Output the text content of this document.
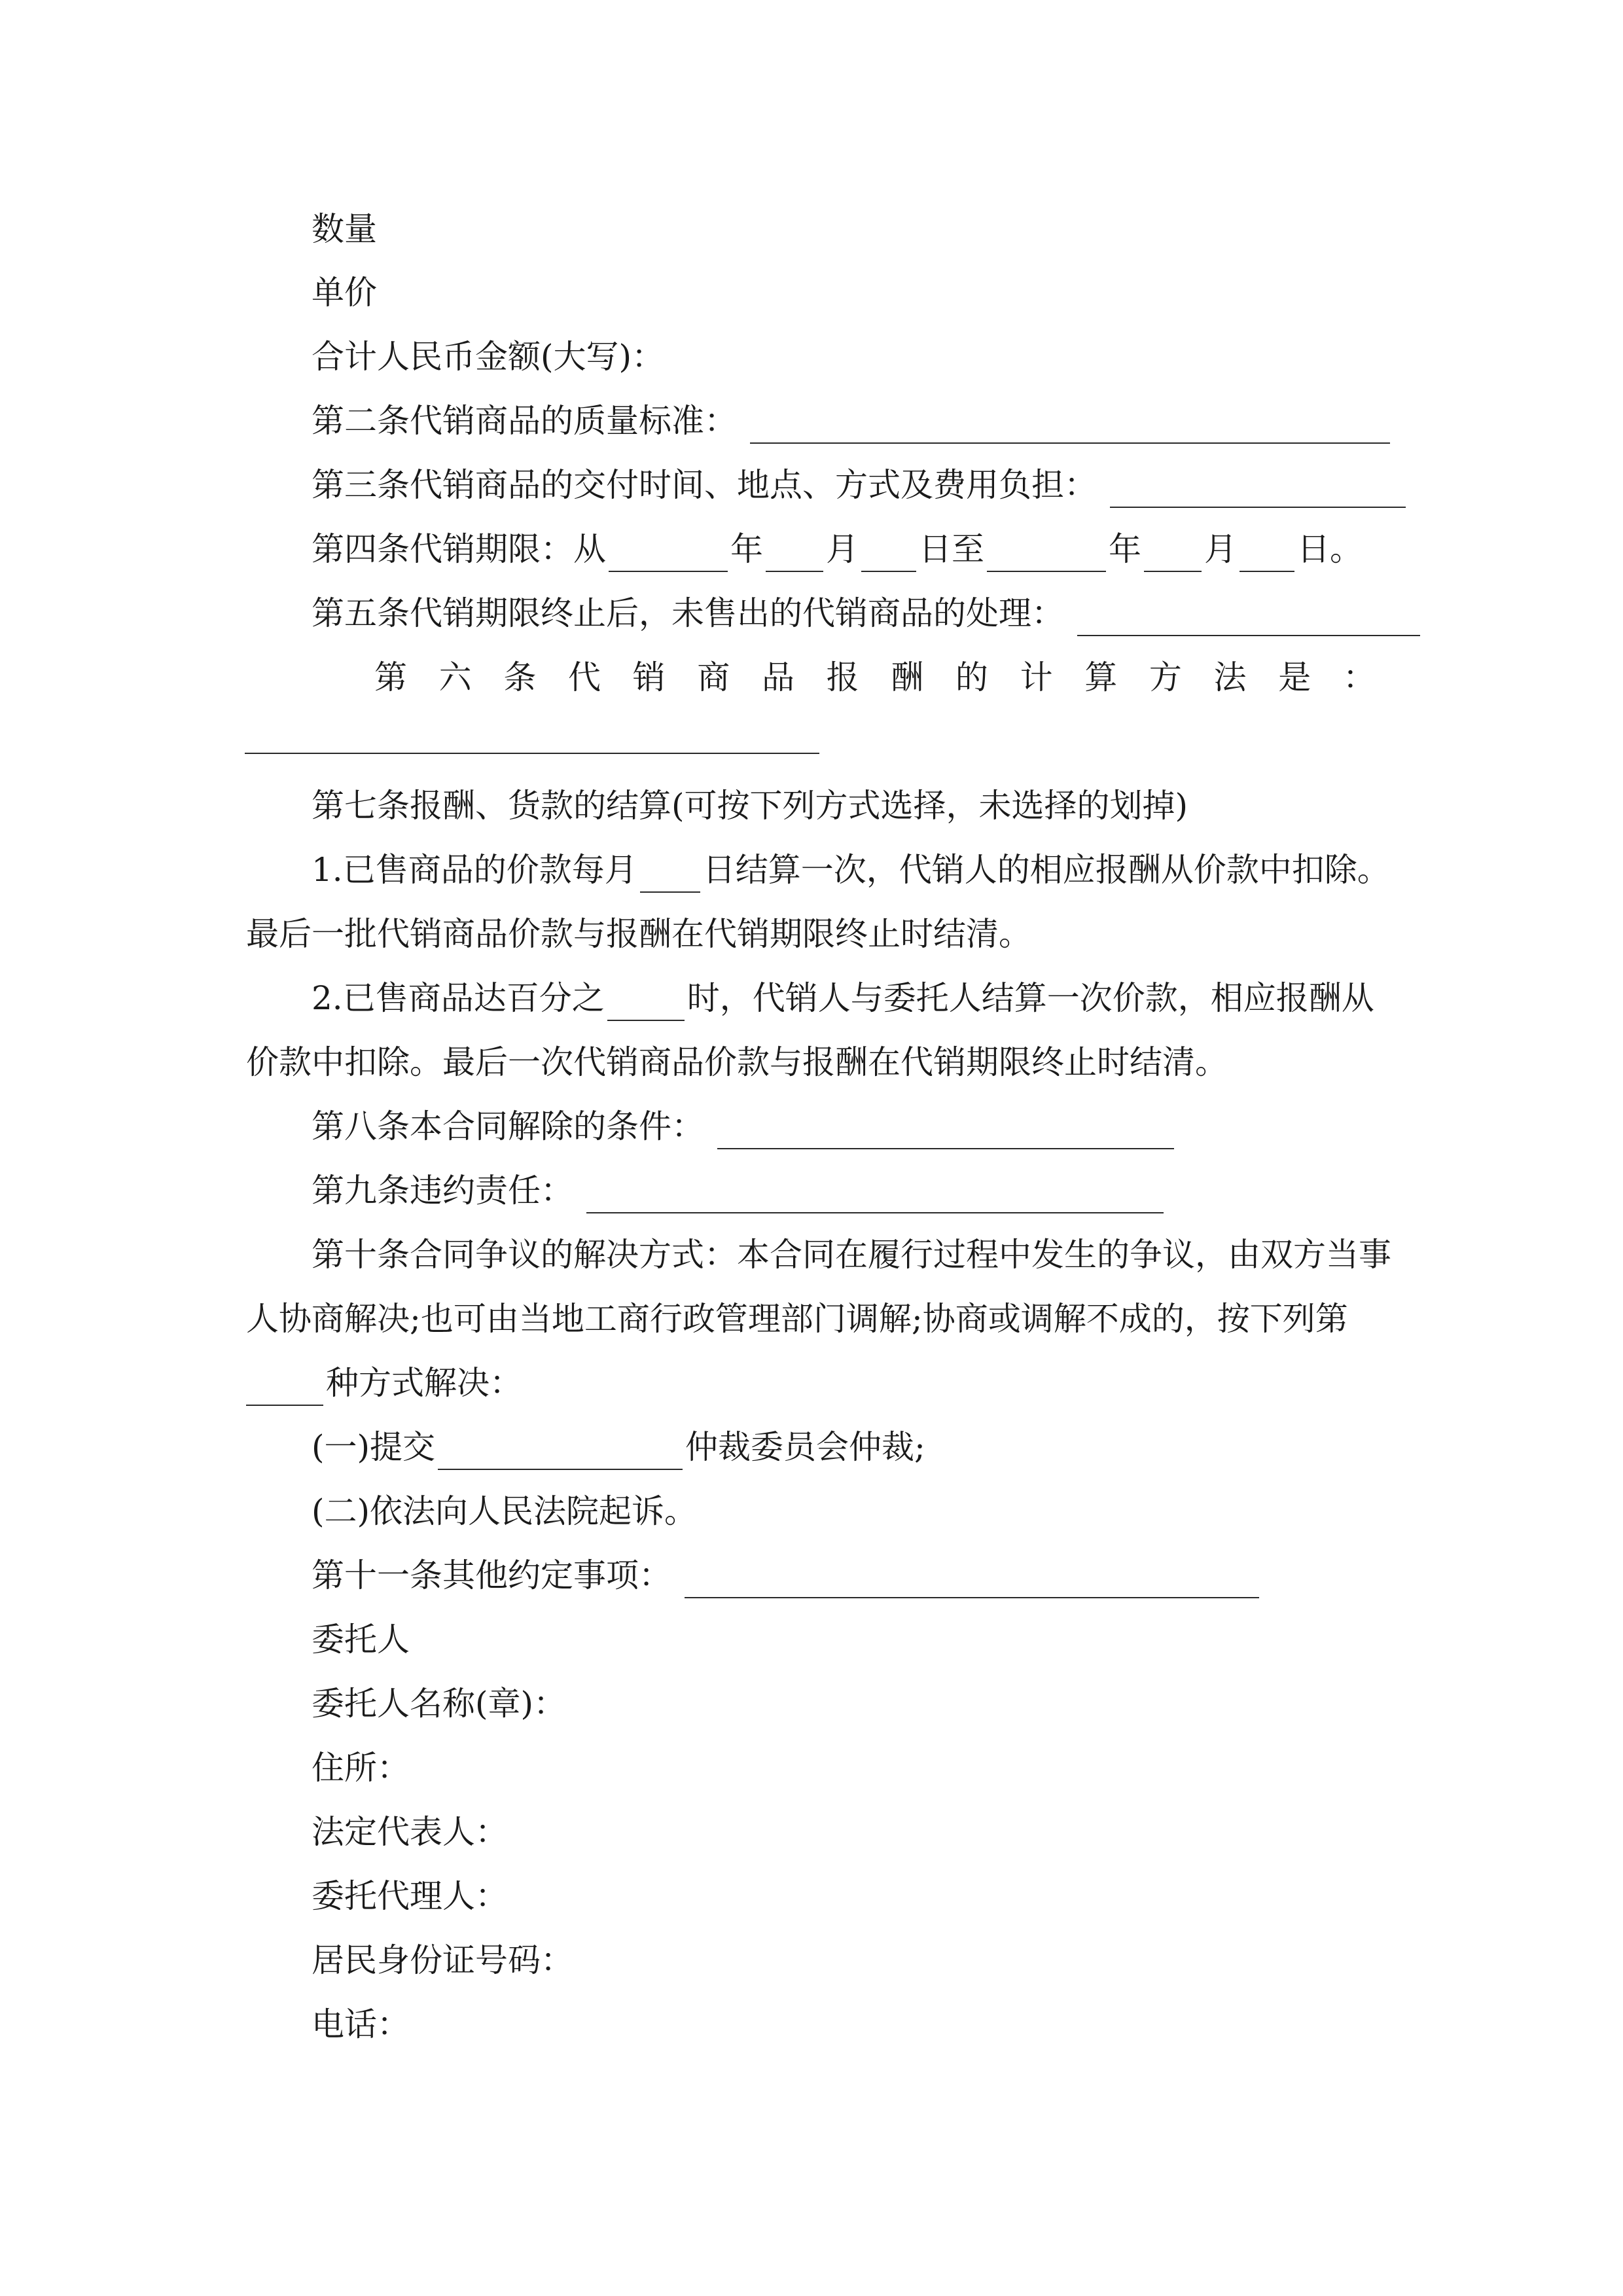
数量
单价
合计人民币金额(大写)：
第二条代销商品的质量标准：
第三条代销商品的交付时间、地点、方式及费用负担：
第四条代销期限：从	年 月 日至	年 月 日。
第五条代销期限终止后，未售出的代销商品的处理：
第 六 条 代 销 商 品 报 酬 的 计 算 方 法 是 ：
第七条报酬、货款的结算(可按下列方式选择，未选择的划掉)
1.已售商品的价款每月 日结算一次，代销人的相应报酬从价款中扣除。
最后一批代销商品价款与报酬在代销期限终止时结清。
2.已售商品达百分之	时，代销人与委托人结算一次价款，相应报酬从
价款中扣除。最后一次代销商品价款与报酬在代销期限终止时结清。
第八条本合同解除的条件：
第九条违约责任：
第十条合同争议的解决方式：本合同在履行过程中发生的争议，由双方当事
人协商解决;也可由当地工商行政管理部门调解;协商或调解不成的，按下列第
种方式解决：
(一)提交	仲裁委员会仲裁;
(二)依法向人民法院起诉。
第十一条其他约定事项：
委托人
委托人名称(章)：
住所：
法定代表人：
委托代理人：
居民身份证号码：
电话：
